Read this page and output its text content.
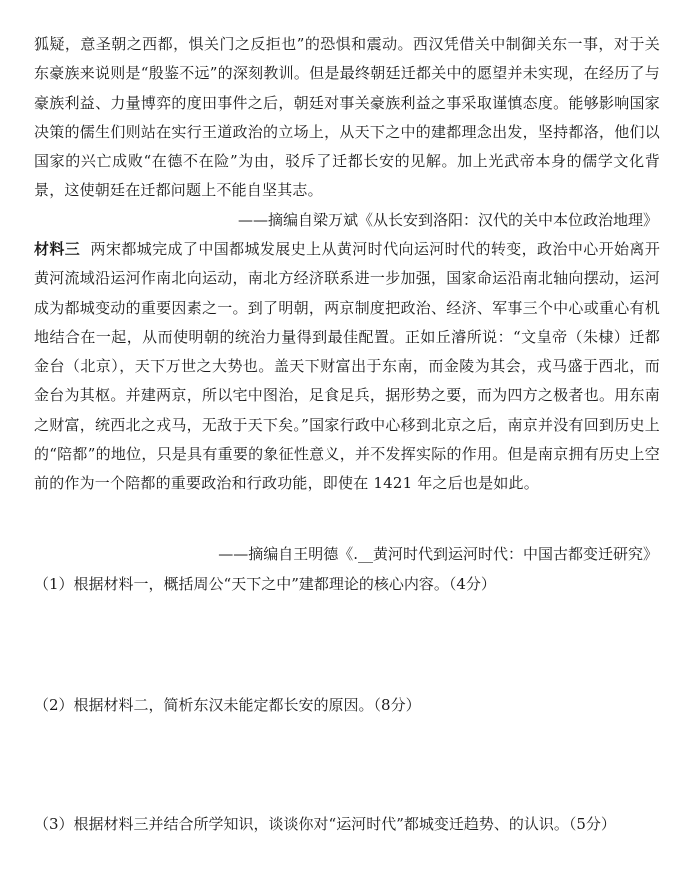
狐疑，意圣朝之西都，惧关门之反拒也”的恐惧和震动。西汉凭借关中制御关东一事，对于关东豪族来说则是“殷鉴不远”的深刻教训。但是最终朝廷迁都关中的愿望并未实现，在经历了与豪族利益、力量博弈的度田事件之后，朝廷对事关豪族利益之事采取谨慎态度。能够影响国家决策的儒生们则站在实行王道政治的立场上，从天下之中的建都理念出发，坚持都洛，他们以国家的兴亡成败“在德不在险”为由，驳斥了迁都长安的见解。加上光武帝本身的儒学文化背景，这使朝廷在迁都问题上不能自坚其志。

——摘编自梁万斌《从长安到洛阳：汉代的关中本位政治地理》

材料三 两宋都城完成了中国都城发展史上从黄河时代向运河时代的转变，政治中心开始离开黄河流域沿运河作南北向运动，南北方经济联系进一步加强，国家命运沿南北轴向摆动，运河成为都城变动的重要因素之一。到了明朝，两京制度把政治、经济、军事三个中心或重心有机地结合在一起，从而使明朝的统治力量得到最佳配置。正如丘濬所说：“文皇帝（朱棣）迁都金台（北京），天下万世之大势也。盖天下财富出于东南，而金陵为其会，戎马盛于西北，而金台为其枢。并建两京，所以宅中图治，足食足兵，据形势之要，而为四方之极者也。用东南之财富，统西北之戎马，无敌于天下矣。”国家行政中心移到北京之后，南京并没有回到历史上的“陪都”的地位，只是具有重要的象征性意义，并不发挥实际的作用。但是南京拥有历史上空前的作为一个陪都的重要政治和行政功能，即使在 1421 年之后也是如此。

——摘编自王明德《.__黄河时代到运河时代：中国古都变迁研究》
（1）根据材料一，概括周公“天下之中”建都理论的核心内容。（4分）
（2）根据材料二，简析东汉未能定都长安的原因。（8分）
（3）根据材料三并结合所学知识，谈谈你对“运河时代”都城变迁趋势、的认识。（5分）
